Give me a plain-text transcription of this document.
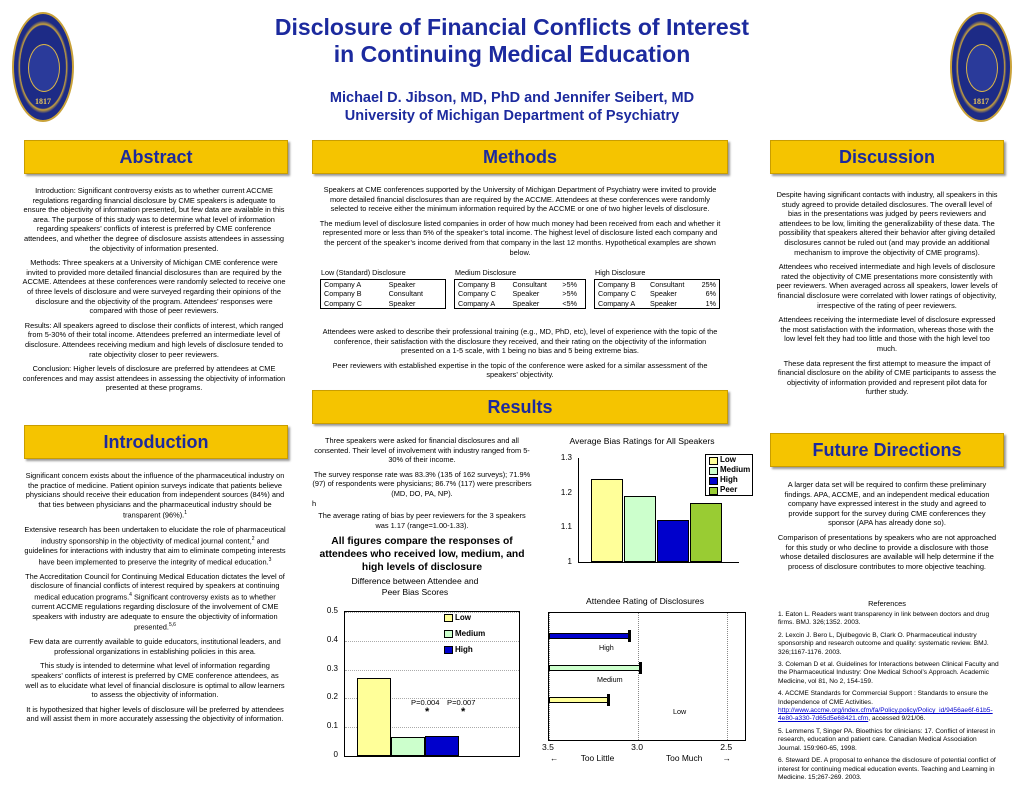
1817	1817
Disclosure of Financial Conflicts of Interest
in Continuing Medical Education
Michael D. Jibson, MD, PhD and Jennifer Seibert, MD
University of Michigan Department of Psychiatry
Abstract

Introduction: Significant controversy exists as to whether current ACCME regulations regarding financial disclosure by CME speakers is adequate to ensure the objectivity of information presented, but few data are available in this area. The purpose of this study was to determine what level of information regarding speakers’ conflicts of interest is preferred by CME conference attendees, and whether the degree of disclosure assists attendees in assessing the objectivity of information presented.

Methods: Three speakers at a University of Michigan CME conference were invited to provided more detailed financial disclosures than are required by the ACCME. Attendees at these conferences were randomly selected to receive one of three levels of disclosure and were surveyed regarding their opinions of the disclosure and the objectivity of the program. Attendees’ responses were compared with those of peer reviewers.

Results: All speakers agreed to disclose their conflicts of interest, which ranged from 5-30% of their total income. Attendees preferred an intermediate level of disclosure. Attendees receiving medium and high levels of disclosure tended to rate objectivity closer to peer reviewers.

Conclusion: Higher levels of disclosure are preferred by attendees at CME conferences and may assist attendees in assessing the objectivity of information presented at these programs.

Introduction

Significant concern exists about the influence of the pharmaceutical industry on the practice of medicine. Patient opinion surveys indicate that patients believe physicians should receive their education from independent sources (84%) and that ties between physicians and the pharmaceutical industry should be transparent (96%).$^1$

Extensive research has been undertaken to elucidate the role of pharmaceutical industry sponsorship in the objectivity of medical journal content,$^2$ and guidelines for interactions with industry that aim to eliminate competing interests have been implemented to preserve the integrity of medical education.$^3$

The Accreditation Council for Continuing Medical Education dictates the level of disclosure of financial conflicts of interest required by speakers at continuing medical education programs.$^4$ Significant controversy exists as to whether current ACCME regulations regarding disclosure of the involvement of CME speakers with industry are adequate to ensure the objectivity of information presented.$^{5,6}$

Few data are currently available to guide educators, institutional leaders, and professional organizations in establishing policies in this area.

This study is intended to determine what level of information regarding speakers’ conflicts of interest is preferred by CME conference attendees, as well as to elucidate what level of financial disclosure is optimal to allow learners to assess the objectivity of information.

It is hypothesized that higher levels of disclosure will be preferred by attendees and will assist them in more accurately assessing the objectivity of information.

Methods

Speakers at CME conferences supported by the University of Michigan Department of Psychiatry were invited to provide more detailed financial disclosures than are required by the ACCME. Attendees at these conferences were randomly selected to receive either the minimum information required by the ACCME or one of two higher levels of disclosure.

The medium level of disclosure listed companies in order of how much money had been received from each and whether it represented more or less than 5% of the speaker’s total income. The highest level of disclosure listed each company and the percent of the speaker’s income derived from that company in the last 12 months. Hypothetical examples are shown below.

Low (Standard) Disclosure	Medium Disclosure	High Disclosure
Company A	Speaker
Company B	Consultant
Company C	Speaker
Company B	Consultant	>5%
Company C	Speaker	>5%
Company A	Speaker	<5%
Company B	Consultant	25%
Company C	Speaker	6%
Company A	Speaker	1%

Attendees were asked to describe their professional training (e.g., MD, PhD, etc), level of experience with the topic of the conference, their satisfaction with the disclosure they received, and their rating on the objectivity of the information presented on a 1-5 scale, with 1 being no bias and 5 being extreme bias.

Peer reviewers with established expertise in the topic of the conference were asked for a similar assessment of the speakers’ objectivity.

Results

Three speakers were asked for financial disclosures and all consented. Their level of involvement with industry ranged from 5-30% of their income.

The survey response rate was 83.3% (135 of 162 surveys); 71.9% (97) of respondents were physicians; 86.7% (117) were prescribers (MD, DO, PA, NP).

h

The average rating of bias by peer reviewers for the 3 speakers was 1.17 (range=1.00-1.33).

All figures compare the responses of attendees who received low, medium, and high levels of disclosure
Average Bias Ratings for All Speakers
Low
Medium
High
Peer
1
1.1
1.2
1.3
Difference between Attendee and
Peer Bias Scores
Low
Medium
High
P=0.004 P=0.007
*	*
0
0.1
0.2
0.3
0.4
0.5
Attendee Rating of Disclosures
High
Medium
Low
3.5	3.0	2.5
←	Too Little	Too Much →
Discussion

Despite having significant contacts with industry, all speakers in this study agreed to provide detailed disclosures. The overall level of bias in the presentations was judged by peers reviewers and attendees to be low, limiting the generalizability of these data. The possibility that speakers altered their behavior after giving detailed disclosures cannot be ruled out (and may provide an additional mechanism to improve the objectivity of CME programs).

Attendees who received intermediate and high levels of disclosure rated the objectivity of CME presentations more consistently with peer reviewers. When averaged across all speakers, lower levels of financial disclosure were correlated with lower ratings of objectivity, irrespective of the rating of peer reviewers.

Attendees receiving the intermediate level of disclosure expressed the most satisfaction with the information, whereas those with the low level felt they had too little and those with the high level too much.

These data represent the first attempt to measure the impact of financial disclosure on the ability of CME participants to assess the objectivity of information provided and represent pilot data for further study.

Future Directions

A larger data set will be required to confirm these preliminary findings. APA, ACCME, and an independent medical education company have expressed interest in the study and agreed to provide support for the survey during CME conferences they sponsor (APA has already done so).

Comparison of presentations by speakers who are not approached for this study or who decline to provide a disclosure with those whose detailed disclosures are available will help determine if the process of disclosure contributes to more objective teaching.

References

1. Eaton L. Readers want transparency in link between doctors and drug firms. BMJ. 326;1352. 2003.

2. Lexcin J. Bero L, Djulbegovic B, Clark O. Pharmaceutical industry sponsorship and research outcome and quality: systematic review. BMJ. 326;1167-1176. 2003.

3. Coleman D et al. Guidelines for Interactions between Clinical Faculty and the Pharmaceutical Industry: One Medical School’s Approach. Academic Medicine, vol 81, No 2, 154-159.

4. ACCME Standards for Commercial Support : Standards to ensure the Independence of CME Activities. http://www.accme.org/index.cfm/fa/Policy.policy/Policy_id/9456ae6f-61b5-4e80-a330-7d65d5e68421.cfm, accessed 9/21/06.

5. Lemmens T, Singer PA. Bioethics for clinicians: 17. Conflict of interest in research, education and patient care. Canadian Medical Association Journal. 159:960-65, 1998.

6. Steward DE. A proposal to enhance the disclosure of potential conflict of interest for continuing medical education events. Teaching and Learning in Medicine. 15;267-269. 2003.
